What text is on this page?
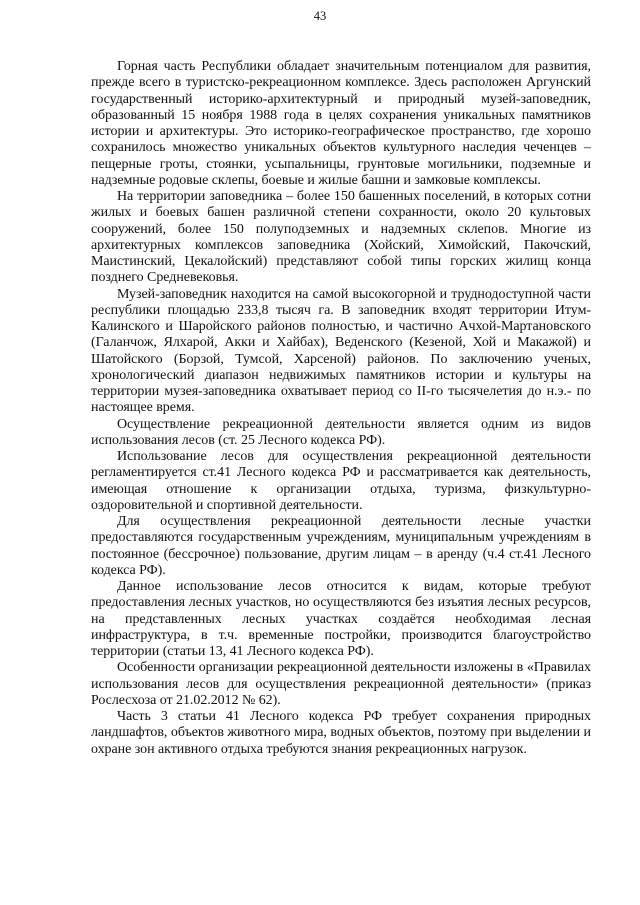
43

Горная часть Республики обладает значительным потенциалом для развития, прежде всего в туристско-рекреационном комплексе. Здесь расположен Аргунский государственный историко-архитектурный и природный музей-заповедник, образованный 15 ноября 1988 года в целях сохранения уникальных памятников истории и архитектуры. Это историко-географическое пространство, где хорошо сохранилось множество уникальных объектов культурного наследия чеченцев – пещерные гроты, стоянки, усыпальницы, грунтовые могильники, подземные и надземные родовые склепы, боевые и жилые башни и замковые комплексы.

На территории заповедника – более 150 башенных поселений, в которых сотни жилых и боевых башен различной степени сохранности, около 20 культовых сооружений, более 150 полуподземных и надземных склепов. Многие из архитектурных комплексов заповедника (Хойский, Химойский, Пакочский, Маистинский, Цекалойский) представляют собой типы горских жилищ конца позднего Средневековья.

Музей-заповедник находится на самой высокогорной и труднодоступной части республики площадью 233,8 тысяч га. В заповедник входят территории Итум-Калинского и Шаройского районов полностью, и частично Ачхой-Мартановского (Галанчож, Ялхарой, Акки и Хайбах), Веденского (Кезеной, Хой и Макажой) и Шатойского (Борзой, Тумсой, Харсеной) районов. По заключению ученых, хронологический диапазон недвижимых памятников истории и культуры на территории музея-заповедника охватывает период со II-го тысячелетия до н.э.- по настоящее время.

Осуществление рекреационной деятельности является одним из видов использования лесов (ст. 25 Лесного кодекса РФ).

Использование лесов для осуществления рекреационной деятельности регламентируется ст.41 Лесного кодекса РФ и рассматривается как деятельность, имеющая отношение к организации отдыха, туризма, физкультурно-оздоровительной и спортивной деятельности.

Для осуществления рекреационной деятельности лесные участки предоставляются государственным учреждениям, муниципальным учреждениям в постоянное (бессрочное) пользование, другим лицам – в аренду (ч.4 ст.41 Лесного кодекса РФ).

Данное использование лесов относится к видам, которые требуют предоставления лесных участков, но осуществляются без изъятия лесных ресурсов, на представленных лесных участках создаётся необходимая лесная инфраструктура, в т.ч. временные постройки, производится благоустройство территории (статьи 13, 41 Лесного кодекса РФ).

Особенности организации рекреационной деятельности изложены в «Правилах использования лесов для осуществления рекреационной деятельности» (приказ Рослесхоза от 21.02.2012 № 62).

Часть 3 статьи 41 Лесного кодекса РФ требует сохранения природных ландшафтов, объектов животного мира, водных объектов, поэтому при выделении и охране зон активного отдыха требуются знания рекреационных нагрузок.
